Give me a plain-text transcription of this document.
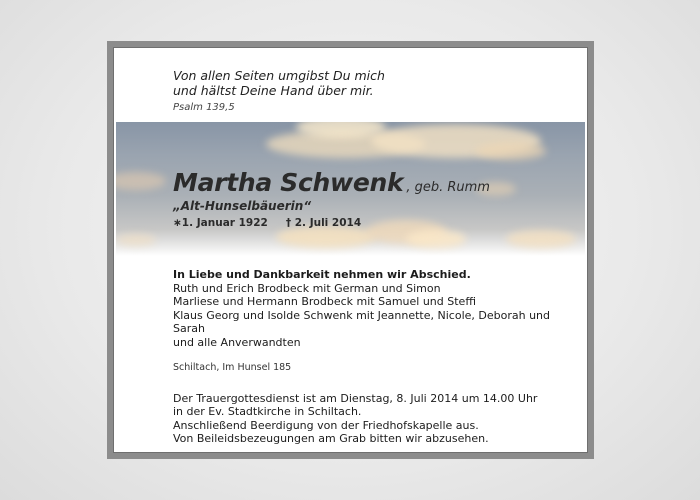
Von allen Seiten umgibst Du mich
und hältst Deine Hand über mir.
Psalm 139,5
Martha Schwenk , geb. Rumm
„Alt-Hunselbäuerin“
∗1. Januar 1922 † 2. Juli 2014
In Liebe und Dankbarkeit nehmen wir Abschied.
Ruth und Erich Brodbeck mit German und Simon
Marliese und Hermann Brodbeck mit Samuel und Steffi
Klaus Georg und Isolde Schwenk mit Jeannette, Nicole, Deborah und Sarah
und alle Anverwandten
Schiltach, Im Hunsel 185
Der Trauergottesdienst ist am Dienstag, 8. Juli 2014 um 14.00 Uhr
in der Ev. Stadtkirche in Schiltach.
Anschließend Beerdigung von der Friedhofskapelle aus.
Von Beileidsbezeugungen am Grab bitten wir abzusehen.
